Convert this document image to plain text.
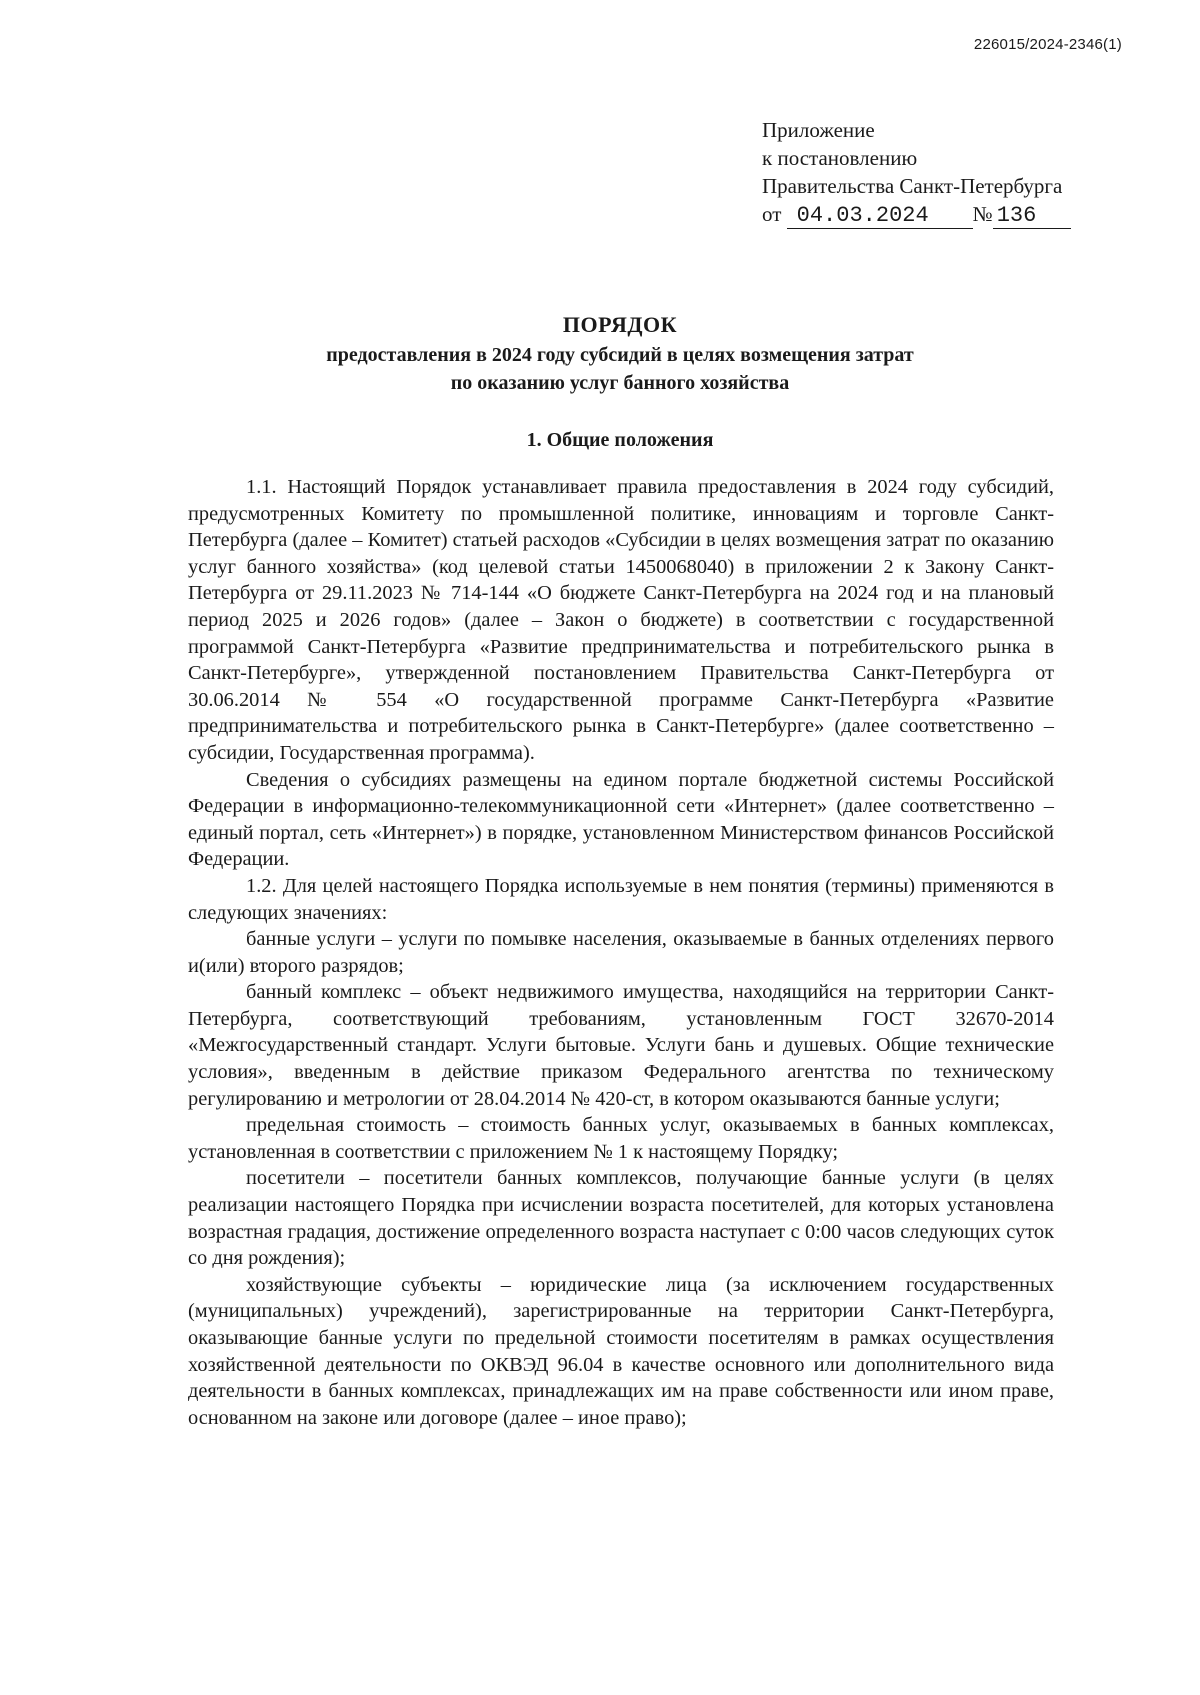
226015/2024-2346(1)
Приложение
к постановлению
Правительства Санкт-Петербурга
от 04.03.2024 № 136
ПОРЯДОК
предоставления в 2024 году субсидий в целях возмещения затрат
по оказанию услуг банного хозяйства
1. Общие положения

1.1. Настоящий Порядок устанавливает правила предоставления в 2024 году субсидий, предусмотренных Комитету по промышленной политике, инновациям и торговле Санкт-Петербурга (далее – Комитет) статьей расходов «Субсидии в целях возмещения затрат по оказанию услуг банного хозяйства» (код целевой статьи 1450068040) в приложении 2 к Закону Санкт-Петербурга от 29.11.2023 № 714-144 «О бюджете Санкт-Петербурга на 2024 год и на плановый период 2025 и 2026 годов» (далее – Закон о бюджете) в соответствии с государственной программой Санкт-Петербурга «Развитие предпринимательства и потребительского рынка в Санкт-Петербурге», утвержденной постановлением Правительства Санкт-Петербурга от 30.06.2014 № 554 «О государственной программе Санкт-Петербурга «Развитие предпринимательства и потребительского рынка в Санкт-Петербурге» (далее соответственно – субсидии, Государственная программа).

Сведения о субсидиях размещены на едином портале бюджетной системы Российской Федерации в информационно-телекоммуникационной сети «Интернет» (далее соответственно – единый портал, сеть «Интернет») в порядке, установленном Министерством финансов Российской Федерации.

1.2. Для целей настоящего Порядка используемые в нем понятия (термины) применяются в следующих значениях:

банные услуги – услуги по помывке населения, оказываемые в банных отделениях первого и(или) второго разрядов;

банный комплекс – объект недвижимого имущества, находящийся на территории Санкт-Петербурга, соответствующий требованиям, установленным ГОСТ 32670-2014 «Межгосударственный стандарт. Услуги бытовые. Услуги бань и душевых. Общие технические условия», введенным в действие приказом Федерального агентства по техническому регулированию и метрологии от 28.04.2014 № 420-ст, в котором оказываются банные услуги;

предельная стоимость – стоимость банных услуг, оказываемых в банных комплексах, установленная в соответствии с приложением № 1 к настоящему Порядку;

посетители – посетители банных комплексов, получающие банные услуги (в целях реализации настоящего Порядка при исчислении возраста посетителей, для которых установлена возрастная градация, достижение определенного возраста наступает с 0:00 часов следующих суток со дня рождения);

хозяйствующие субъекты – юридические лица (за исключением государственных (муниципальных) учреждений), зарегистрированные на территории Санкт-Петербурга, оказывающие банные услуги по предельной стоимости посетителям в рамках осуществления хозяйственной деятельности по ОКВЭД 96.04 в качестве основного или дополнительного вида деятельности в банных комплексах, принадлежащих им на праве собственности или ином праве, основанном на законе или договоре (далее – иное право);
